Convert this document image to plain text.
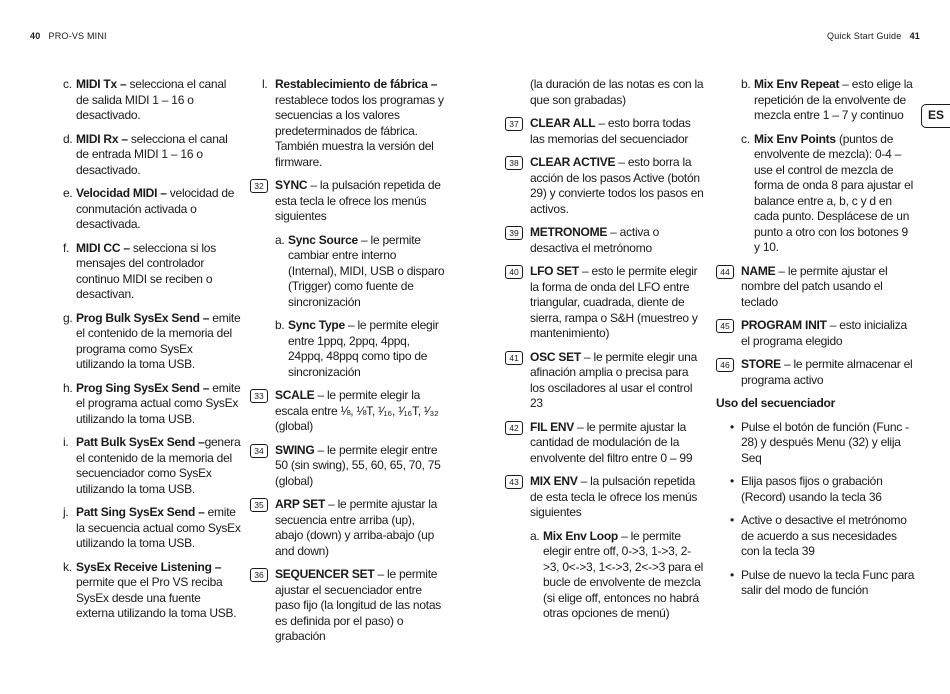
40 PRO-VS MINI	Quick Start Guide 41
ES
c. MIDI Tx – selecciona el canal de salida MIDI 1 – 16 o desactivado.
d. MIDI Rx – selecciona el canal de entrada MIDI 1 – 16 o desactivado.
e. Velocidad MIDI – velocidad de conmutación activada o desactivada.
f. MIDI CC – selecciona si los mensajes del controlador continuo MIDI se reciben o desactivan.
g. Prog Bulk SysEx Send – emite el contenido de la memoria del programa como SysEx utilizando la toma USB.
h. Prog Sing SysEx Send – emite el programa actual como SysEx utilizando la toma USB.
i. Patt Bulk SysEx Send –genera el contenido de la memoria del secuenciador como SysEx utilizando la toma USB.
j. Patt Sing SysEx Send – emite la secuencia actual como SysEx utilizando la toma USB.
k. SysEx Receive Listening – permite que el Pro VS reciba SysEx desde una fuente externa utilizando la toma USB.
l. Restablecimiento de fábrica – restablece todos los programas y secuencias a los valores predeterminados de fábrica. También muestra la versión del firmware.
32 SYNC – la pulsación repetida de esta tecla le ofrece los menús siguientes
a. Sync Source – le permite cambiar entre interno (Internal), MIDI, USB o disparo (Trigger) como fuente de sincronización
b. Sync Type – le permite elegir entre 1ppq, 2ppq, 4ppq, 24ppq, 48ppq como tipo de sincronización
33 SCALE – le permite elegir la escala entre ⅛, ⅛T, ¹⁄₁₆, ¹⁄₁₆T, ¹⁄₃₂ (global)
34 SWING – le permite elegir entre 50 (sin swing), 55, 60, 65, 70, 75 (global)
35 ARP SET – le permite ajustar la secuencia entre arriba (up), abajo (down) y arriba-abajo (up and down)
36 SEQUENCER SET – le permite ajustar el secuenciador entre paso fijo (la longitud de las notas es definida por el paso) o grabación
(la duración de las notas es con la que son grabadas)
37 CLEAR ALL – esto borra todas las memorias del secuenciador
38 CLEAR ACTIVE – esto borra la acción de los pasos Active (botón 29) y convierte todos los pasos en activos.
39 METRONOME – activa o desactiva el metrónomo
40 LFO SET – esto le permite elegir la forma de onda del LFO entre triangular, cuadrada, diente de sierra, rampa o S&H (muestreo y mantenimiento)
41 OSC SET – le permite elegir una afinación amplia o precisa para los osciladores al usar el control 23
42 FIL ENV – le permite ajustar la cantidad de modulación de la envolvente del filtro entre 0 – 99
43 MIX ENV – la pulsación repetida de esta tecla le ofrece los menús siguientes
a. Mix Env Loop – le permite elegir entre off, 0->3, 1->3, 2->3, 0<->3, 1<->3, 2<->3 para el bucle de envolvente de mezcla (si elige off, entonces no habrá otras opciones de menú)
b. Mix Env Repeat – esto elige la repetición de la envolvente de mezcla entre 1 – 7 y continuo
c. Mix Env Points (puntos de envolvente de mezcla): 0-4 – use el control de mezcla de forma de onda 8 para ajustar el balance entre a, b, c y d en cada punto. Desplácese de un punto a otro con los botones 9 y 10.
44 NAME – le permite ajustar el nombre del patch usando el teclado
45 PROGRAM INIT – esto inicializa el programa elegido
46 STORE – le permite almacenar el programa activo
Uso del secuenciador
• Pulse el botón de función (Func - 28) y después Menu (32) y elija Seq
• Elija pasos fijos o grabación (Record) usando la tecla 36
• Active o desactive el metrónomo de acuerdo a sus necesidades con la tecla 39
• Pulse de nuevo la tecla Func para salir del modo de función
